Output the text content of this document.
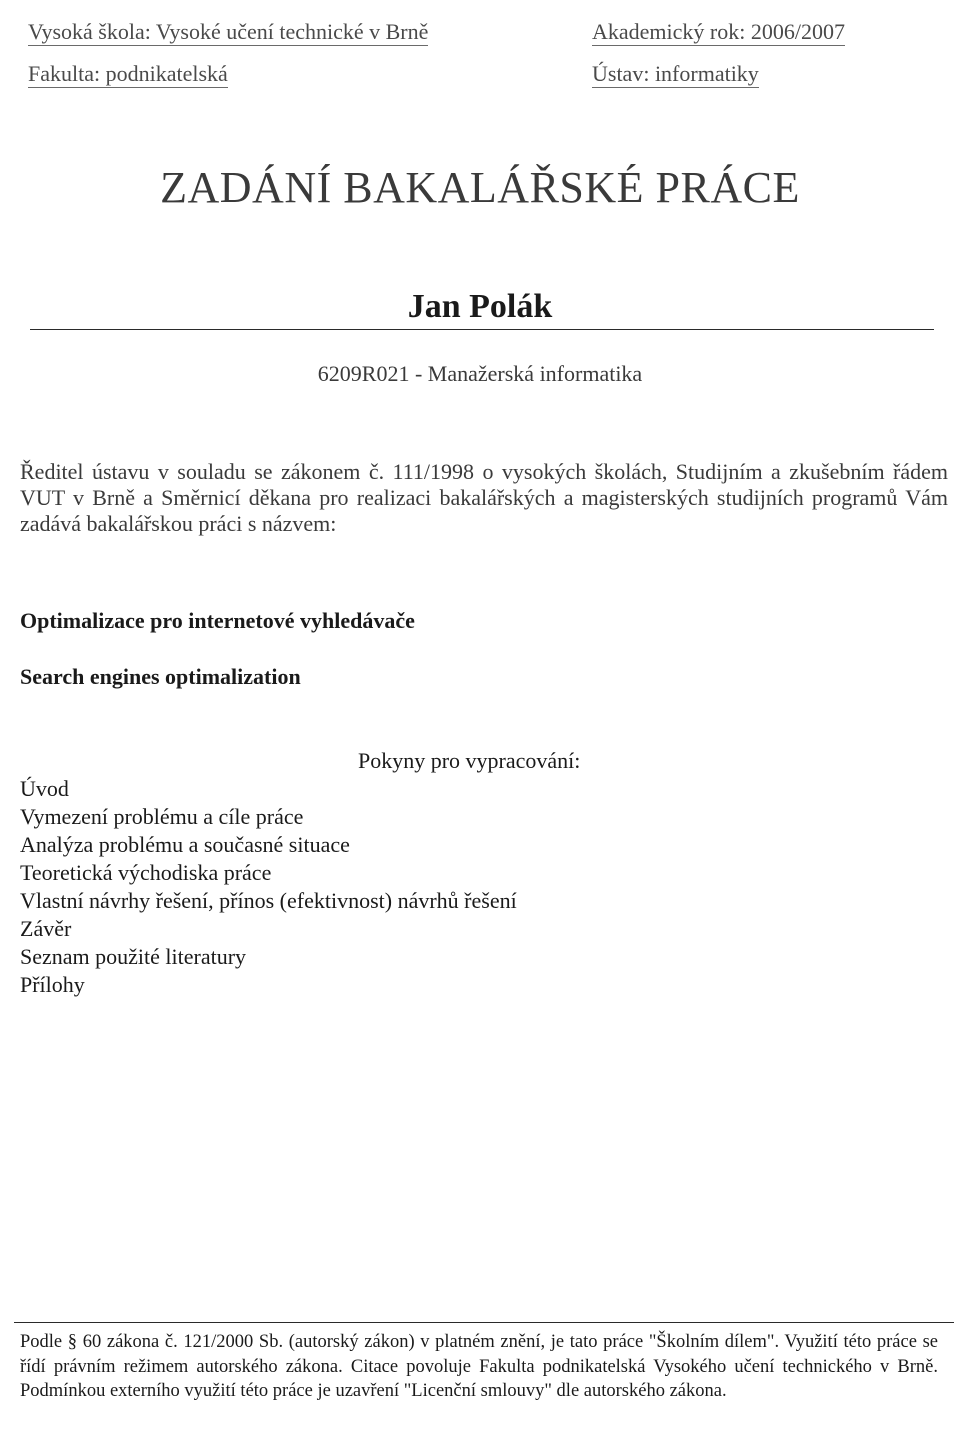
Vysoká škola: Vysoké učení technické v Brně
Fakulta: podnikatelská
Akademický rok: 2006/2007
Ústav: informatiky
ZADÁNÍ BAKALÁŘSKÉ PRÁCE
Jan Polák
6209R021 - Manažerská informatika
Ředitel ústavu v souladu se zákonem č. 111/1998 o vysokých školách, Studijním a zkušebním řádem VUT v Brně a Směrnicí děkana pro realizaci bakalářských a magisterských studijních programů Vám zadává bakalářskou práci s názvem:
Optimalizace pro internetové vyhledávače
Search engines optimalization
Pokyny pro vypracování:
Úvod
Vymezení problému a cíle práce
Analýza problému a současné situace
Teoretická východiska práce
Vlastní návrhy řešení, přínos (efektivnost) návrhů řešení
Závěr
Seznam použité literatury
Přílohy
Podle § 60 zákona č. 121/2000 Sb. (autorský zákon) v platném znění, je tato práce "Školním dílem". Využití této práce se řídí právním režimem autorského zákona. Citace povoluje Fakulta podnikatelská Vysokého učení technického v Brně. Podmínkou externího využití této práce je uzavření "Licenční smlouvy" dle autorského zákona.
